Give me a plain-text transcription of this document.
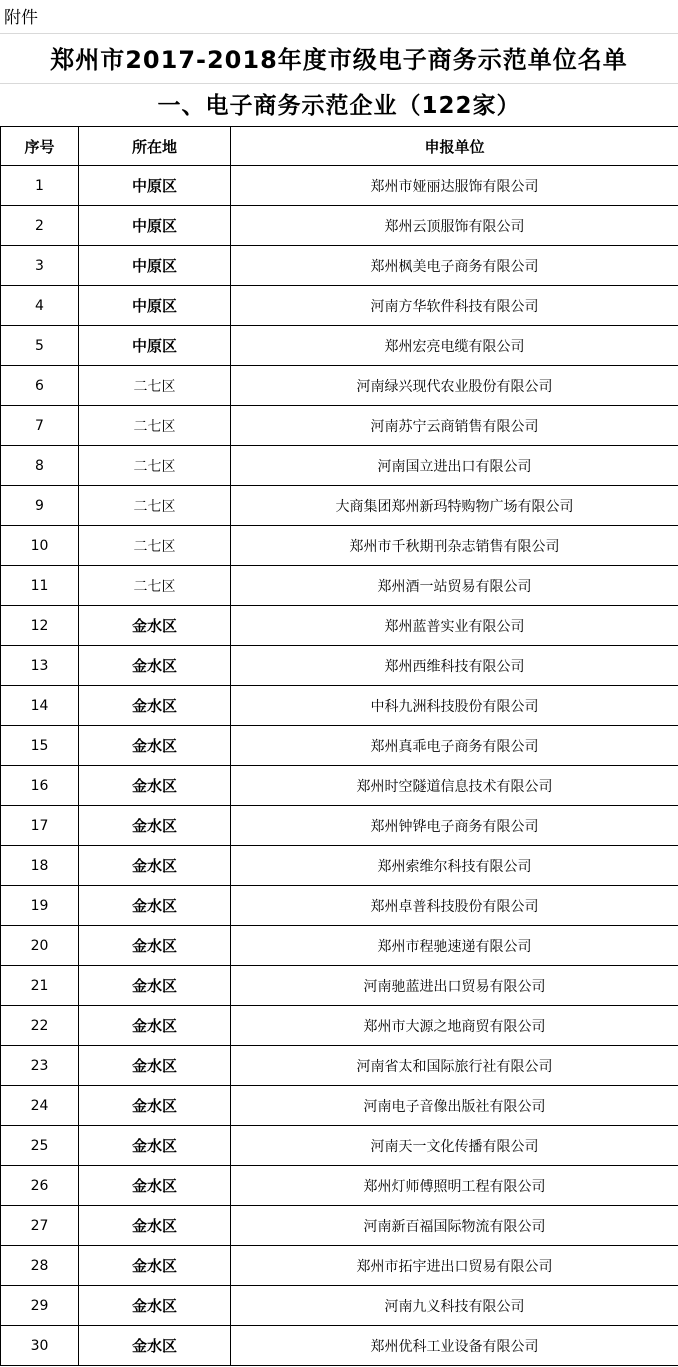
附件
郑州市2017-2018年度市级电子商务示范单位名单
一、电子商务示范企业（122家）
序号	所在地	申报单位
1	中原区	郑州市娅丽达服饰有限公司
2	中原区	郑州云顶服饰有限公司
3	中原区	郑州枫美电子商务有限公司
4	中原区	河南方华软件科技有限公司
5	中原区	郑州宏亮电缆有限公司
6	二七区	河南绿兴现代农业股份有限公司
7	二七区	河南苏宁云商销售有限公司
8	二七区	河南国立进出口有限公司
9	二七区	大商集团郑州新玛特购物广场有限公司
10	二七区	郑州市千秋期刊杂志销售有限公司
11	二七区	郑州酒一站贸易有限公司
12	金水区	郑州蓝普实业有限公司
13	金水区	郑州西维科技有限公司
14	金水区	中科九洲科技股份有限公司
15	金水区	郑州真乖电子商务有限公司
16	金水区	郑州时空隧道信息技术有限公司
17	金水区	郑州钟铧电子商务有限公司
18	金水区	郑州索维尔科技有限公司
19	金水区	郑州卓普科技股份有限公司
20	金水区	郑州市程驰速递有限公司
21	金水区	河南驰蓝进出口贸易有限公司
22	金水区	郑州市大源之地商贸有限公司
23	金水区	河南省太和国际旅行社有限公司
24	金水区	河南电子音像出版社有限公司
25	金水区	河南天一文化传播有限公司
26	金水区	郑州灯师傅照明工程有限公司
27	金水区	河南新百福国际物流有限公司
28	金水区	郑州市拓宇进出口贸易有限公司
29	金水区	河南九义科技有限公司
30	金水区	郑州优科工业设备有限公司
